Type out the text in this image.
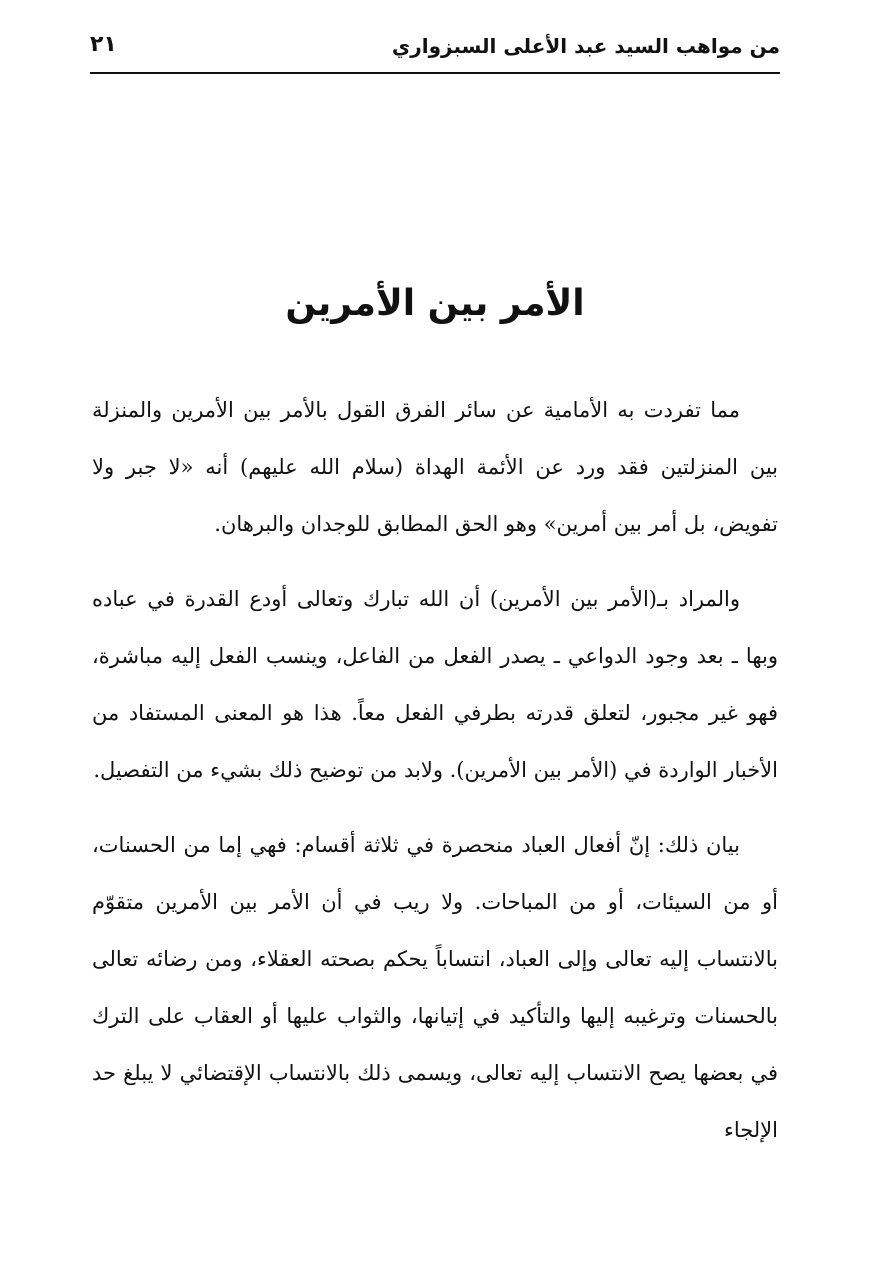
من مواهب السيد عبد الأعلى السبزواري
٢١
الأمر بين الأمرين

مما تفردت به الأمامية عن سائر الفرق القول بالأمر بين الأمرين والمنزلة بين المنزلتين فقد ورد عن الأئمة الهداة (سلام الله عليهم) أنه «لا جبر ولا تفويض، بل أمر بين أمرين» وهو الحق المطابق للوجدان والبرهان.

والمراد بـ(الأمر بين الأمرين) أن الله تبارك وتعالى أودع القدرة في عباده وبها ـ بعد وجود الدواعي ـ يصدر الفعل من الفاعل، وينسب الفعل إليه مباشرة، فهو غير مجبور، لتعلق قدرته بطرفي الفعل معاً. هذا هو المعنى المستفاد من الأخبار الواردة في (الأمر بين الأمرين). ولابد من توضيح ذلك بشيء من التفصيل.

بيان ذلك: إنّ أفعال العباد منحصرة في ثلاثة أقسام: فهي إما من الحسنات، أو من السيئات، أو من المباحات. ولا ريب في أن الأمر بين الأمرين متقوّم بالانتساب إليه تعالى وإلى العباد، انتساباً يحكم بصحته العقلاء، ومن رضائه تعالى بالحسنات وترغيبه إليها والتأكيد في إتيانها، والثواب عليها أو العقاب على الترك في بعضها يصح الانتساب إليه تعالى، ويسمى ذلك بالانتساب الإقتضائي لا يبلغ حد الإلجاء
